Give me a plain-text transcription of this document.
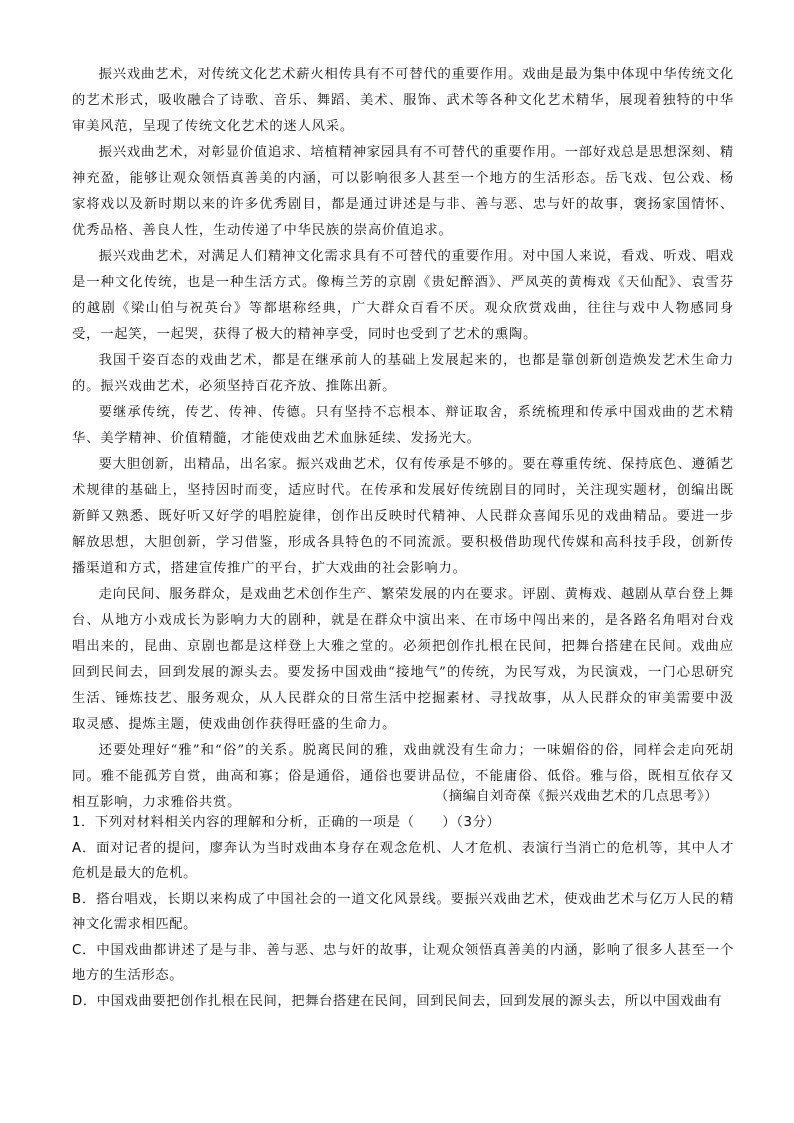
振兴戏曲艺术，对传统文化艺术薪火相传具有不可替代的重要作用。戏曲是最为集中体现中华传统文化的艺术形式，吸收融合了诗歌、音乐、舞蹈、美术、服饰、武术等各种文化艺术精华，展现着独特的中华审美风范，呈现了传统文化艺术的迷人风采。

振兴戏曲艺术，对彰显价值追求、培植精神家园具有不可替代的重要作用。一部好戏总是思想深刻、精神充盈，能够让观众领悟真善美的内涵，可以影响很多人甚至一个地方的生活形态。岳飞戏、包公戏、杨家将戏以及新时期以来的许多优秀剧目，都是通过讲述是与非、善与恶、忠与奸的故事，褒扬家国情怀、优秀品格、善良人性，生动传递了中华民族的崇高价值追求。

振兴戏曲艺术，对满足人们精神文化需求具有不可替代的重要作用。对中国人来说，看戏、听戏、唱戏是一种文化传统，也是一种生活方式。像梅兰芳的京剧《贵妃醉酒》、严凤英的黄梅戏《天仙配》、袁雪芬的越剧《梁山伯与祝英台》等都堪称经典，广大群众百看不厌。观众欣赏戏曲，往往与戏中人物感同身受，一起笑，一起哭，获得了极大的精神享受，同时也受到了艺术的熏陶。

我国千姿百态的戏曲艺术，都是在继承前人的基础上发展起来的，也都是靠创新创造焕发艺术生命力的。振兴戏曲艺术，必须坚持百花齐放、推陈出新。

要继承传统，传艺、传神、传德。只有坚持不忘根本、辩证取舍，系统梳理和传承中国戏曲的艺术精华、美学精神、价值精髓，才能使戏曲艺术血脉延续、发扬光大。

要大胆创新，出精品，出名家。振兴戏曲艺术，仅有传承是不够的。要在尊重传统、保持底色、遵循艺术规律的基础上，坚持因时而变，适应时代。在传承和发展好传统剧目的同时，关注现实题材，创编出既新鲜又熟悉、既好听又好学的唱腔旋律，创作出反映时代精神、人民群众喜闻乐见的戏曲精品。要进一步解放思想，大胆创新，学习借鉴，形成各具特色的不同流派。要积极借助现代传媒和高科技手段，创新传播渠道和方式，搭建宣传推广的平台，扩大戏曲的社会影响力。

走向民间、服务群众，是戏曲艺术创作生产、繁荣发展的内在要求。评剧、黄梅戏、越剧从草台登上舞台、从地方小戏成长为影响力大的剧种，就是在群众中演出来、在市场中闯出来的，是各路名角唱对台戏唱出来的，昆曲、京剧也都是这样登上大雅之堂的。必须把创作扎根在民间，把舞台搭建在民间。戏曲应回到民间去，回到发展的源头去。要发扬中国戏曲“接地气”的传统，为民写戏，为民演戏，一门心思研究生活、锤炼技艺、服务观众，从人民群众的日常生活中挖掘素材、寻找故事，从人民群众的审美需要中汲取灵感、提炼主题，使戏曲创作获得旺盛的生命力。

还要处理好“雅”和“俗”的关系。脱离民间的雅，戏曲就没有生命力；一味媚俗的俗，同样会走向死胡同。雅不能孤芳自赏，曲高和寡；俗是通俗，通俗也要讲品位，不能庸俗、低俗。雅与俗，既相互依存又相互影响，力求雅俗共赏。	（摘编自刘奇葆《振兴戏曲艺术的几点思考》）
1．下列对材料相关内容的理解和分析，正确的一项是（　　）（3分）
A．面对记者的提问，廖奔认为当时戏曲本身存在观念危机、人才危机、表演行当消亡的危机等，其中人才危机是最大的危机。
B．搭台唱戏，长期以来构成了中国社会的一道文化风景线。要振兴戏曲艺术，使戏曲艺术与亿万人民的精神文化需求相匹配。
C．中国戏曲都讲述了是与非、善与恶、忠与奸的故事，让观众领悟真善美的内涵，影响了很多人甚至一个地方的生活形态。
D．中国戏曲要把创作扎根在民间，把舞台搭建在民间，回到民间去，回到发展的源头去，所以中国戏曲有
